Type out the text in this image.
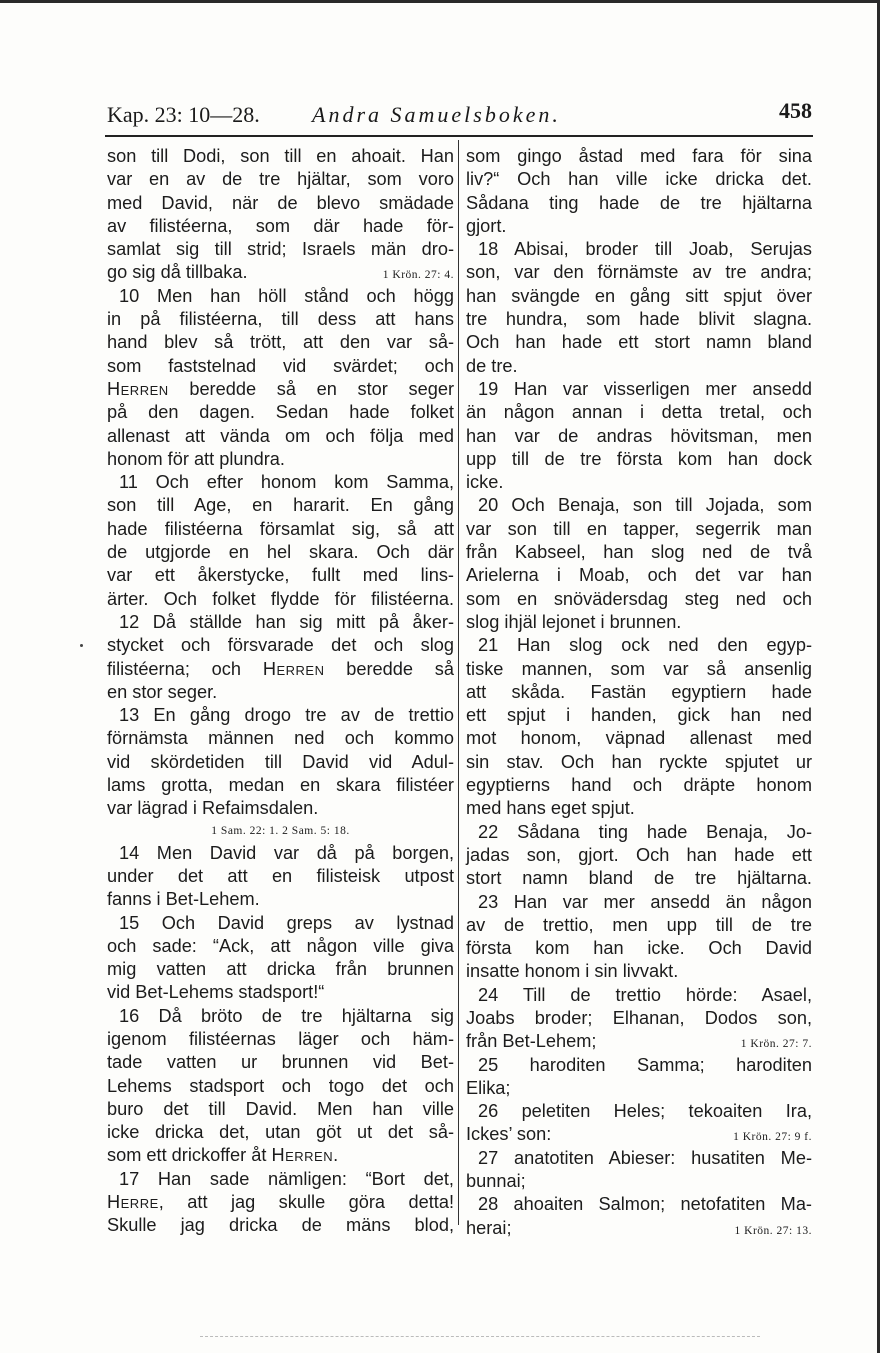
Kap. 23: 10—28. Andra Samuelsboken.	458
son till Dodi, son till en ahoait. Han
var en av de tre hjältar, som voro
med David, när de blevo smädade
av filistéerna, som där hade för-
samlat sig till strid; Israels män dro-
go sig då tillbaka.	1 Krön. 27: 4.
10 Men han höll stånd och högg
in på filistéerna, till dess att hans
hand blev så trött, att den var så-
som faststelnad vid svärdet; och
Herren beredde så en stor seger
på den dagen. Sedan hade folket
allenast att vända om och följa med
honom för att plundra.
11 Och efter honom kom Samma,
son till Age, en hararit. En gång
hade filistéerna församlat sig, så att
de utgjorde en hel skara. Och där
var ett åkerstycke, fullt med lins-
ärter. Och folket flydde för filistéerna.
12 Då ställde han sig mitt på åker-
stycket och försvarade det och slog
filistéerna; och Herren beredde så
en stor seger.
13 En gång drogo tre av de trettio
förnämsta männen ned och kommo
vid skördetiden till David vid Adul-
lams grotta, medan en skara filistéer
var lägrad i Refaimsdalen.
1 Sam. 22: 1. 2 Sam. 5: 18.
14 Men David var då på borgen,
under det att en filisteisk utpost
fanns i Bet-Lehem.
15 Och David greps av lystnad
och sade: “Ack, att någon ville giva
mig vatten att dricka från brunnen
vid Bet-Lehems stadsport!“
16 Då bröto de tre hjältarna sig
igenom filistéernas läger och häm-
tade vatten ur brunnen vid Bet-
Lehems stadsport och togo det och
buro det till David. Men han ville
icke dricka det, utan göt ut det så-
som ett drickoffer åt Herren.
17 Han sade nämligen: “Bort det,
Herre, att jag skulle göra detta!
Skulle jag dricka de mäns blod,
som gingo åstad med fara för sina
liv?“ Och han ville icke dricka det.
Sådana ting hade de tre hjältarna
gjort.
18 Abisai, broder till Joab, Serujas
son, var den förnämste av tre andra;
han svängde en gång sitt spjut över
tre hundra, som hade blivit slagna.
Och han hade ett stort namn bland
de tre.
19 Han var visserligen mer ansedd
än någon annan i detta tretal, och
han var de andras hövitsman, men
upp till de tre första kom han dock
icke.
20 Och Benaja, son till Jojada, som
var son till en tapper, segerrik man
från Kabseel, han slog ned de två
Arielerna i Moab, och det var han
som en snövädersdag steg ned och
slog ihjäl lejonet i brunnen.
21 Han slog ock ned den egyp-
tiske mannen, som var så ansenlig
att skåda. Fastän egyptiern hade
ett spjut i handen, gick han ned
mot honom, väpnad allenast med
sin stav. Och han ryckte spjutet ur
egyptierns hand och dräpte honom
med hans eget spjut.
22 Sådana ting hade Benaja, Jo-
jadas son, gjort. Och han hade ett
stort namn bland de tre hjältarna.
23 Han var mer ansedd än någon
av de trettio, men upp till de tre
första kom han icke. Och David
insatte honom i sin livvakt.
24 Till de trettio hörde: Asael,
Joabs broder; Elhanan, Dodos son,
från Bet-Lehem;	1 Krön. 27: 7.
25 haroditen Samma; haroditen
Elika;
26 peletiten Heles; tekoaiten Ira,
Ickes’ son:	1 Krön. 27: 9 f.
27 anatotiten Abieser: husatiten Me-
bunnai;
28 ahoaiten Salmon; netofatiten Ma-
herai;	1 Krön. 27: 13.
